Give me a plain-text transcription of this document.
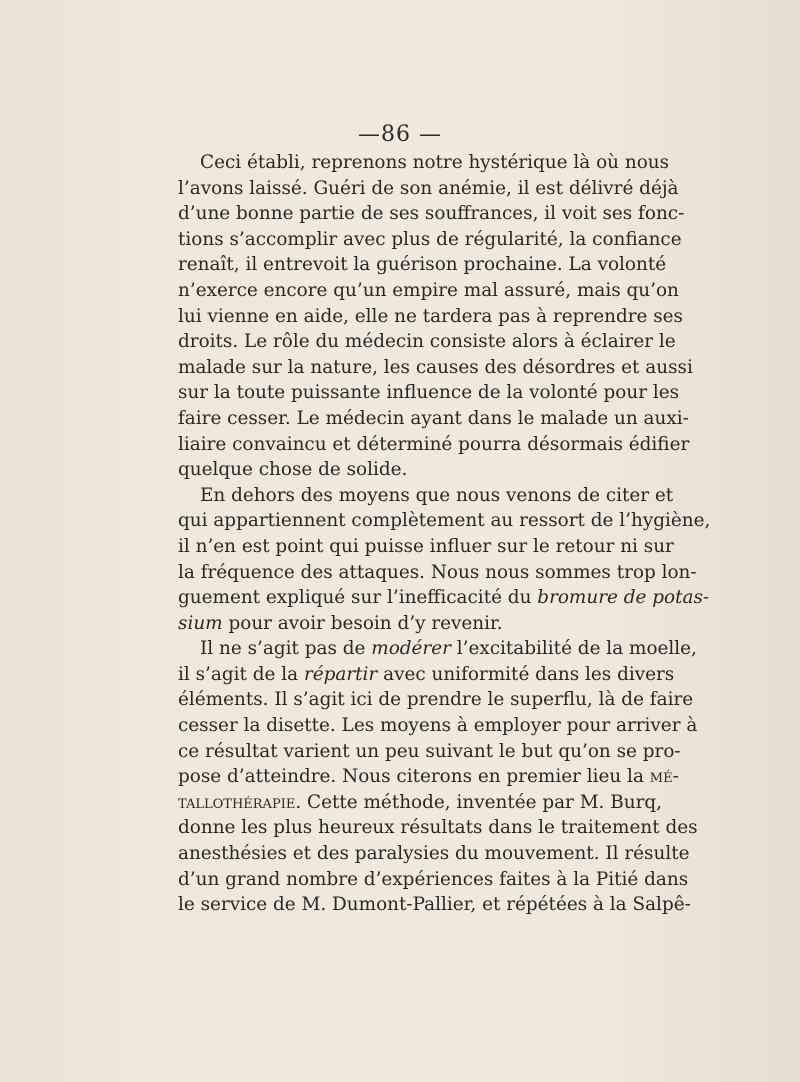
—86 —
Ceci établi, reprenons notre hystérique là où nous
l’avons laissé. Guéri de son anémie, il est délivré déjà
d’une bonne partie de ses souffrances, il voit ses fonc-
tions s’accomplir avec plus de régularité, la confiance
renaît, il entrevoit la guérison prochaine. La volonté
n’exerce encore qu’un empire mal assuré, mais qu’on
lui vienne en aide, elle ne tardera pas à reprendre ses
droits. Le rôle du médecin consiste alors à éclairer le
malade sur la nature, les causes des désordres et aussi
sur la toute puissante influence de la volonté pour les
faire cesser. Le médecin ayant dans le malade un auxi-
liaire convaincu et déterminé pourra désormais édifier
quelque chose de solide.
En dehors des moyens que nous venons de citer et
qui appartiennent complètement au ressort de l’hygiène,
il n’en est point qui puisse influer sur le retour ni sur
la fréquence des attaques. Nous nous sommes trop lon-
guement expliqué sur l’inefficacité du bromure de potas-
sium pour avoir besoin d’y revenir.
Il ne s’agit pas de modérer l’excitabilité de la moelle,
il s’agit de la répartir avec uniformité dans les divers
éléments. Il s’agit ici de prendre le superflu, là de faire
cesser la disette. Les moyens à employer pour arriver à
ce résultat varient un peu suivant le but qu’on se pro-
pose d’atteindre. Nous citerons en premier lieu la mé-
tallothérapie. Cette méthode, inventée par M. Burq,
donne les plus heureux résultats dans le traitement des
anesthésies et des paralysies du mouvement. Il résulte
d’un grand nombre d’expériences faites à la Pitié dans
le service de M. Dumont-Pallier, et répétées à la Salpê-
